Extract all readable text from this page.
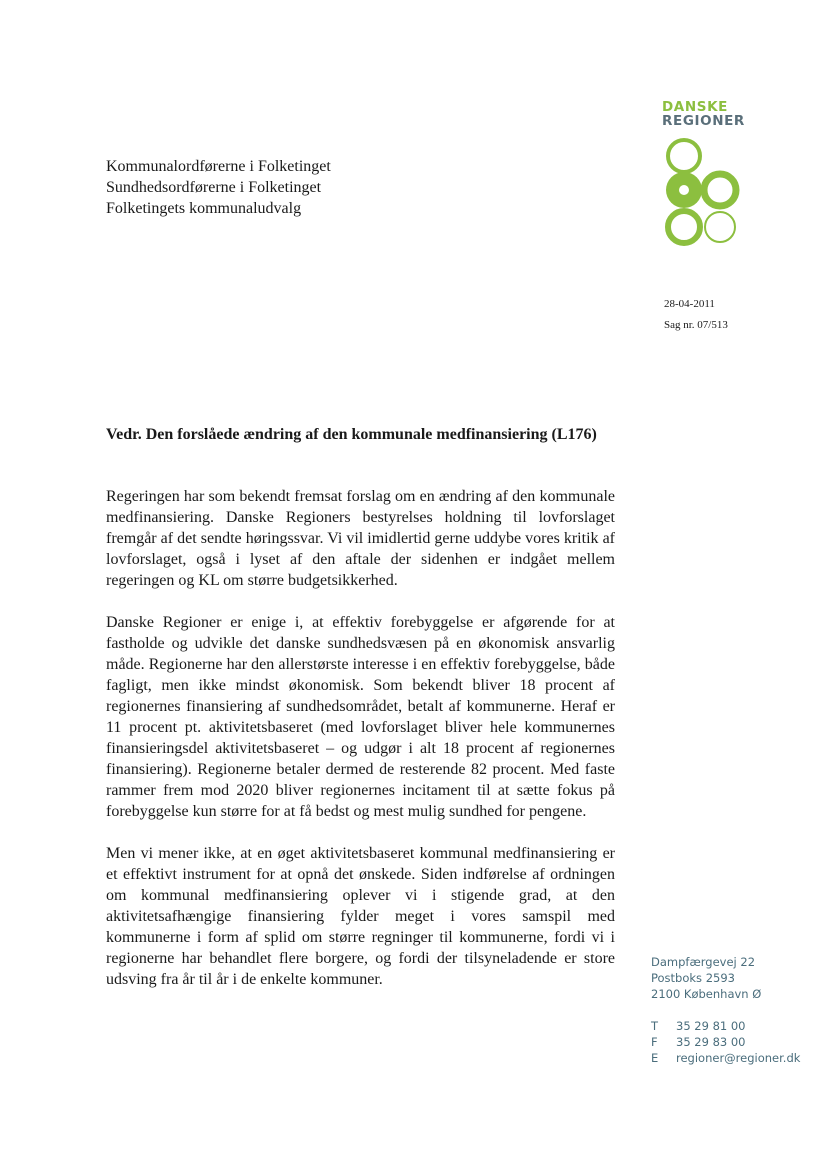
DANSKE
REGIONER
Kommunalordførerne i Folketinget
Sundhedsordførerne i Folketinget
Folketingets kommunaludvalg
28-04-2011
Sag nr. 07/513
Vedr. Den forslåede ændring af den kommunale medfinansiering (L176)

Regeringen har som bekendt fremsat forslag om en ændring af den kommunale medfinansiering. Danske Regioners bestyrelses holdning til lovforslaget fremgår af det sendte høringssvar. Vi vil imidlertid gerne uddybe vores kritik af lovforslaget, også i lyset af den aftale der sidenhen er indgået mellem regeringen og KL om større budgetsikkerhed.

Danske Regioner er enige i, at effektiv forebyggelse er afgørende for at fastholde og udvikle det danske sundhedsvæsen på en økonomisk ansvarlig måde. Regionerne har den allerstørste interesse i en effektiv forebyggelse, både fagligt, men ikke mindst økonomisk. Som bekendt bliver 18 procent af regionernes finansiering af sundhedsområdet, betalt af kommunerne. Heraf er 11 procent pt. aktivitetsbaseret (med lovforslaget bliver hele kommunernes finansieringsdel aktivitetsbaseret – og udgør i alt 18 procent af regionernes finansiering). Regionerne betaler dermed de resterende 82 procent. Med faste rammer frem mod 2020 bliver regionernes incitament til at sætte fokus på forebyggelse kun større for at få bedst og mest mulig sundhed for pengene.

Men vi mener ikke, at en øget aktivitetsbaseret kommunal medfinansiering er et effektivt instrument for at opnå det ønskede. Siden indførelse af ordningen om kommunal medfinansiering oplever vi i stigende grad, at den aktivitetsafhængige finansiering fylder meget i vores samspil med kommunerne i form af splid om større regninger til kommunerne, fordi vi i regionerne har behandlet flere borgere, og fordi der tilsyneladende er store udsving fra år til år i de enkelte kommuner.

Dampfærgevej 22
Postboks 2593
2100 København Ø
T	35 29 81 00
F	35 29 83 00
E	regioner@regioner.dk
